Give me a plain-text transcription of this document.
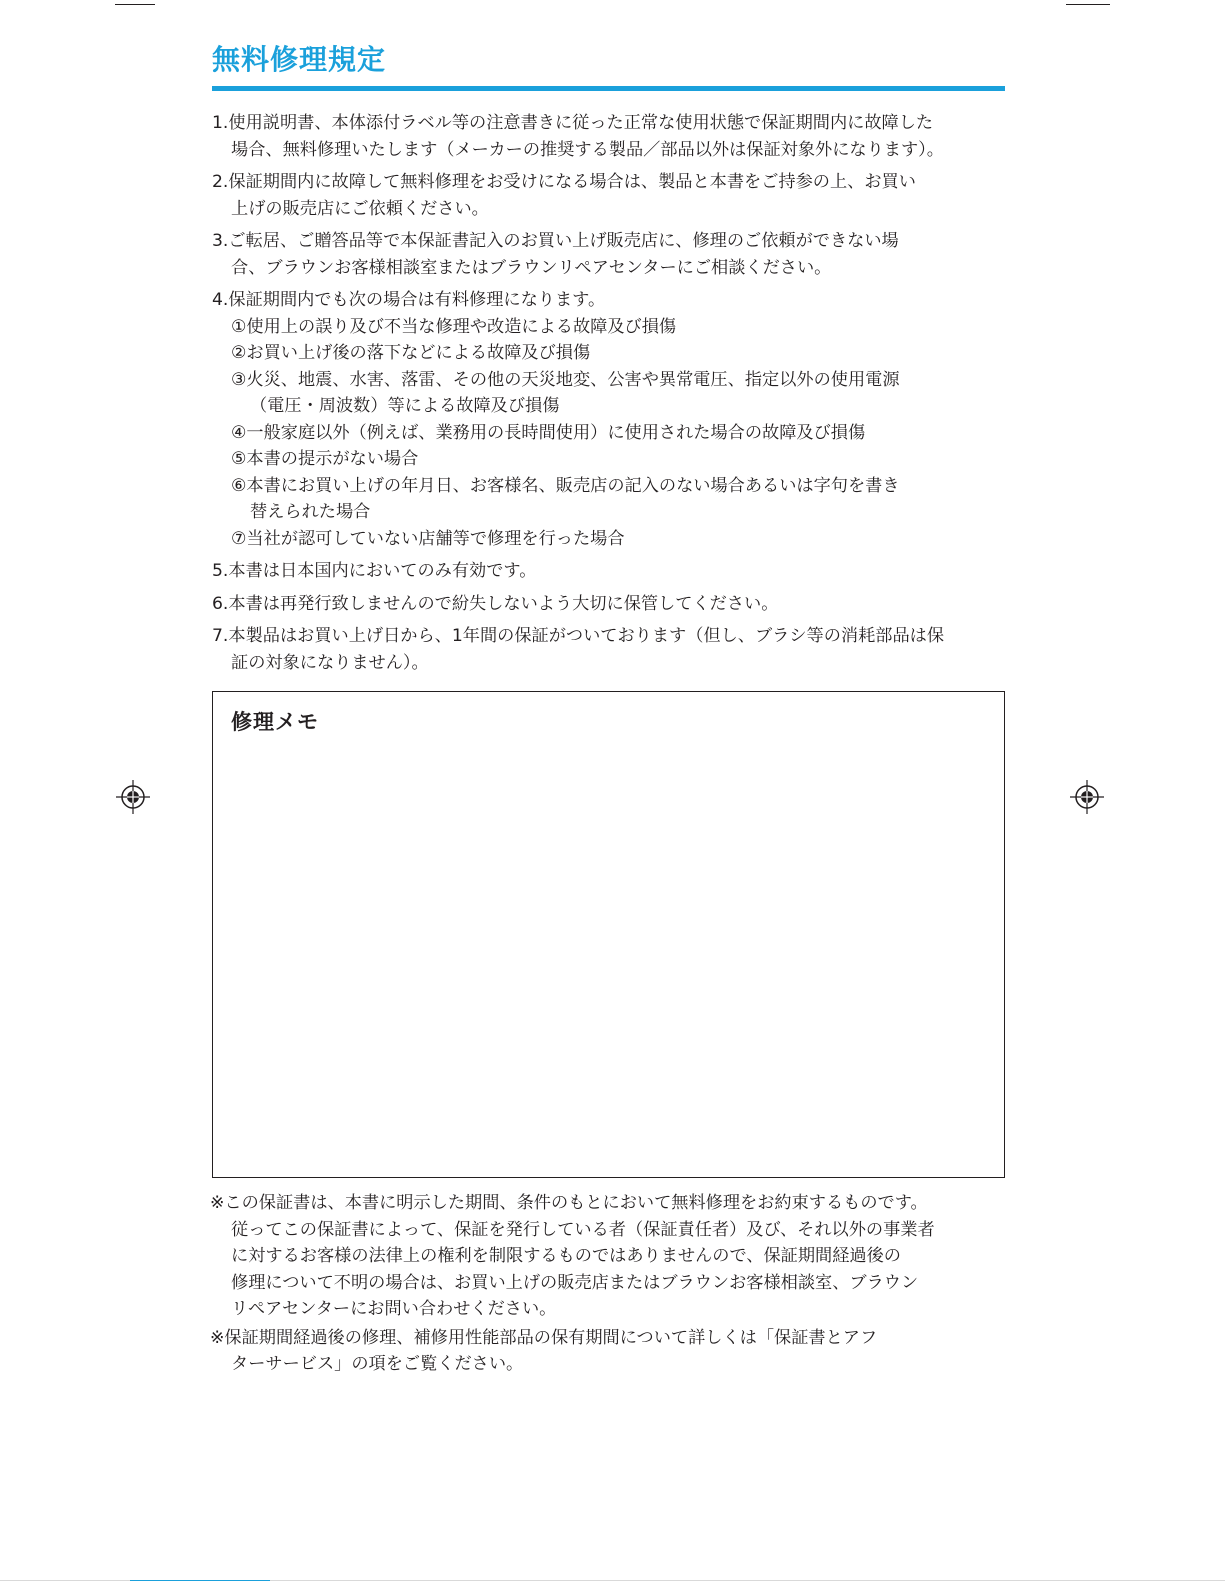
無料修理規定
1.使用説明書、本体添付ラベル等の注意書きに従った正常な使用状態で保証期間内に故障した
場合、無料修理いたします（メーカーの推奨する製品／部品以外は保証対象外になります）。
2.保証期間内に故障して無料修理をお受けになる場合は、製品と本書をご持参の上、お買い
上げの販売店にご依頼ください。
3.ご転居、ご贈答品等で本保証書記入のお買い上げ販売店に、修理のご依頼ができない場
合、ブラウンお客様相談室またはブラウンリペアセンターにご相談ください。
4.保証期間内でも次の場合は有料修理になります。
①使用上の誤り及び不当な修理や改造による故障及び損傷
②お買い上げ後の落下などによる故障及び損傷
③火災、地震、水害、落雷、その他の天災地変、公害や異常電圧、指定以外の使用電源
（電圧・周波数）等による故障及び損傷
④一般家庭以外（例えば、業務用の長時間使用）に使用された場合の故障及び損傷
⑤本書の提示がない場合
⑥本書にお買い上げの年月日、お客様名、販売店の記入のない場合あるいは字句を書き
替えられた場合
⑦当社が認可していない店舗等で修理を行った場合
5.本書は日本国内においてのみ有効です。
6.本書は再発行致しませんので紛失しないよう大切に保管してください。
7.本製品はお買い上げ日から、1年間の保証がついております（但し、ブラシ等の消耗部品は保
証の対象になりません）。
修理メモ
※この保証書は、本書に明示した期間、条件のもとにおいて無料修理をお約束するものです。
従ってこの保証書によって、保証を発行している者（保証責任者）及び、それ以外の事業者
に対するお客様の法律上の権利を制限するものではありませんので、保証期間経過後の
修理について不明の場合は、お買い上げの販売店またはブラウンお客様相談室、ブラウン
リペアセンターにお問い合わせください。
※保証期間経過後の修理、補修用性能部品の保有期間について詳しくは「保証書とアフ
ターサービス」の項をご覧ください。
